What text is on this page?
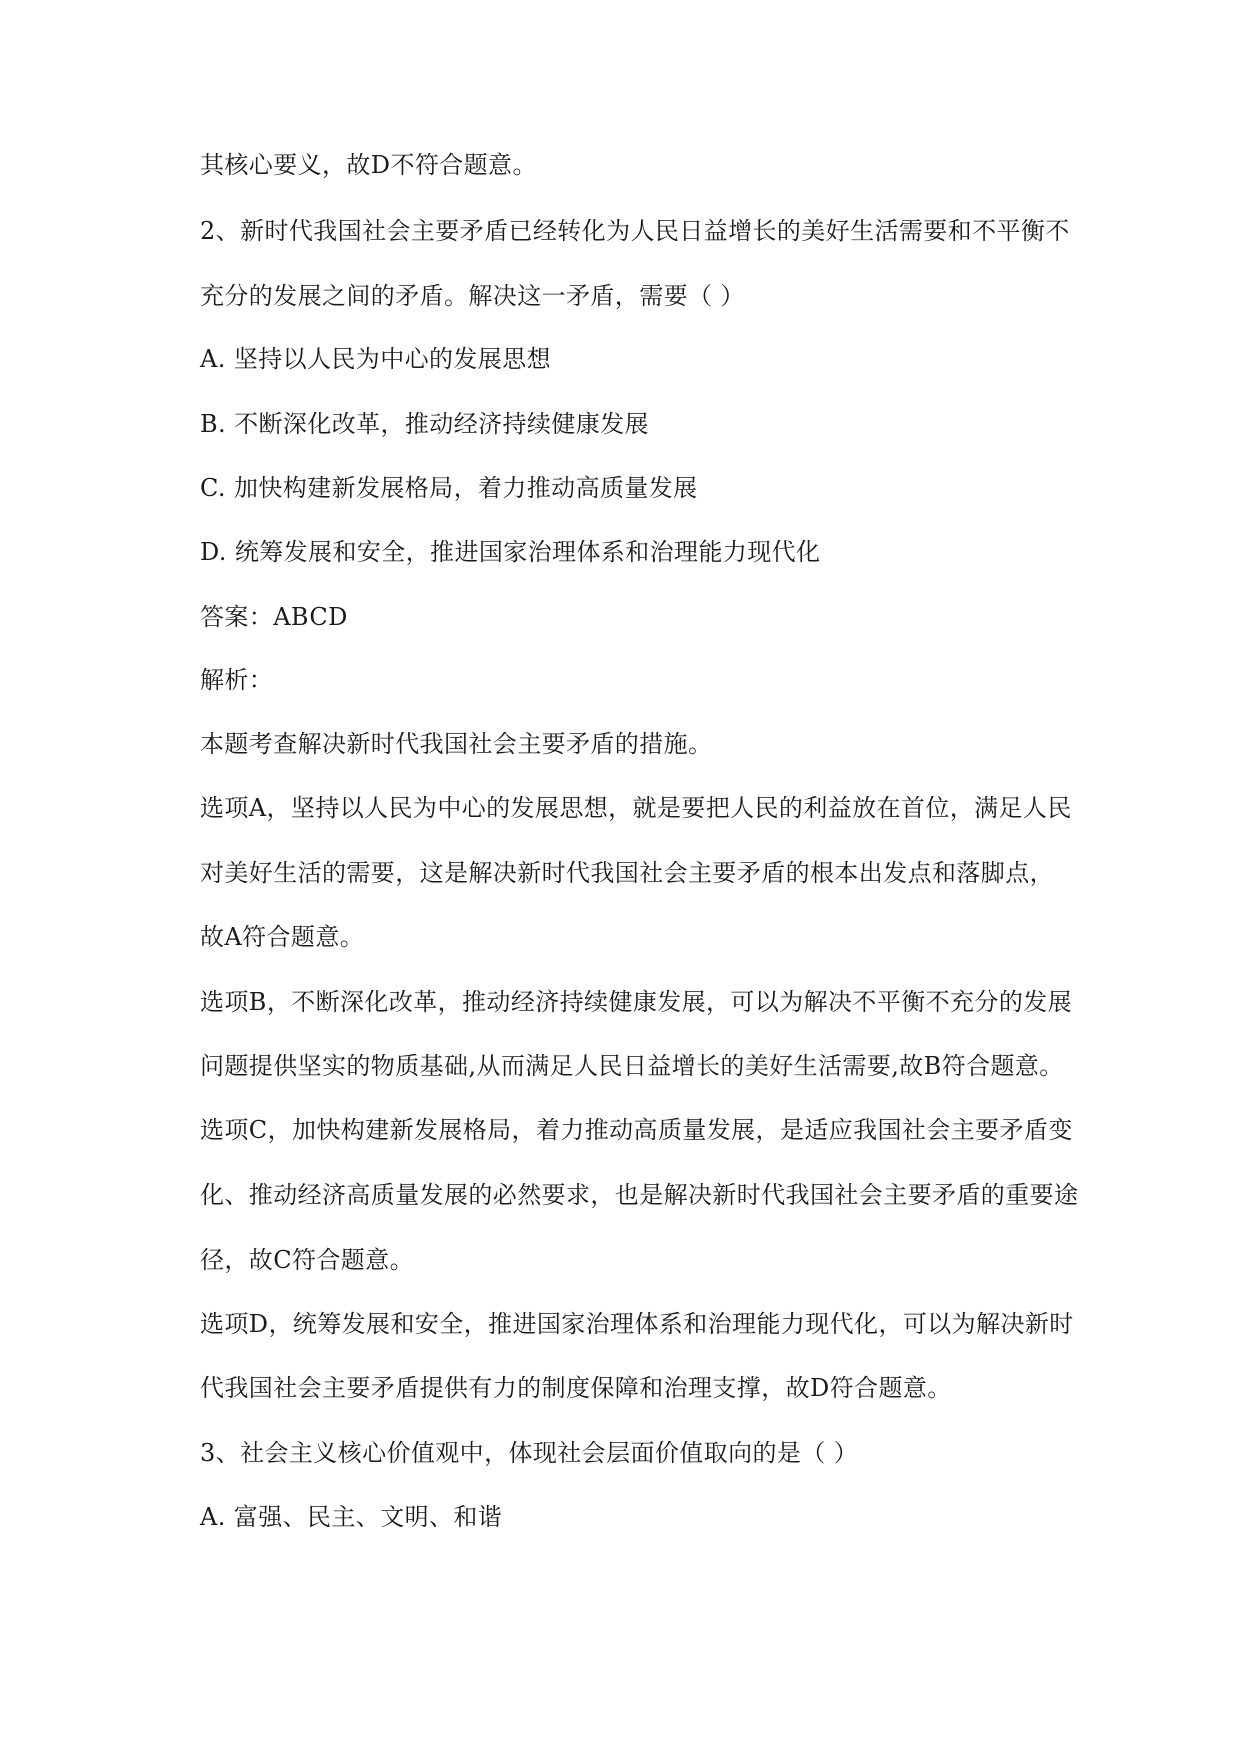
其核心要义，故D不符合题意。
2、新时代我国社会主要矛盾已经转化为人民日益增长的美好生活需要和不平衡不
充分的发展之间的矛盾。解决这一矛盾，需要（ ）
A. 坚持以人民为中心的发展思想
B. 不断深化改革，推动经济持续健康发展
C. 加快构建新发展格局，着力推动高质量发展
D. 统筹发展和安全，推进国家治理体系和治理能力现代化
答案：ABCD
解析：
本题考查解决新时代我国社会主要矛盾的措施。
选项A，坚持以人民为中心的发展思想，就是要把人民的利益放在首位，满足人民
对美好生活的需要，这是解决新时代我国社会主要矛盾的根本出发点和落脚点，
故A符合题意。
选项B，不断深化改革，推动经济持续健康发展，可以为解决不平衡不充分的发展
问题提供坚实的物质基础,从而满足人民日益增长的美好生活需要,故B符合题意。
选项C，加快构建新发展格局，着力推动高质量发展，是适应我国社会主要矛盾变
化、推动经济高质量发展的必然要求，也是解决新时代我国社会主要矛盾的重要途
径，故C符合题意。
选项D，统筹发展和安全，推进国家治理体系和治理能力现代化，可以为解决新时
代我国社会主要矛盾提供有力的制度保障和治理支撑，故D符合题意。
3、社会主义核心价值观中，体现社会层面价值取向的是（ ）
A. 富强、民主、文明、和谐
